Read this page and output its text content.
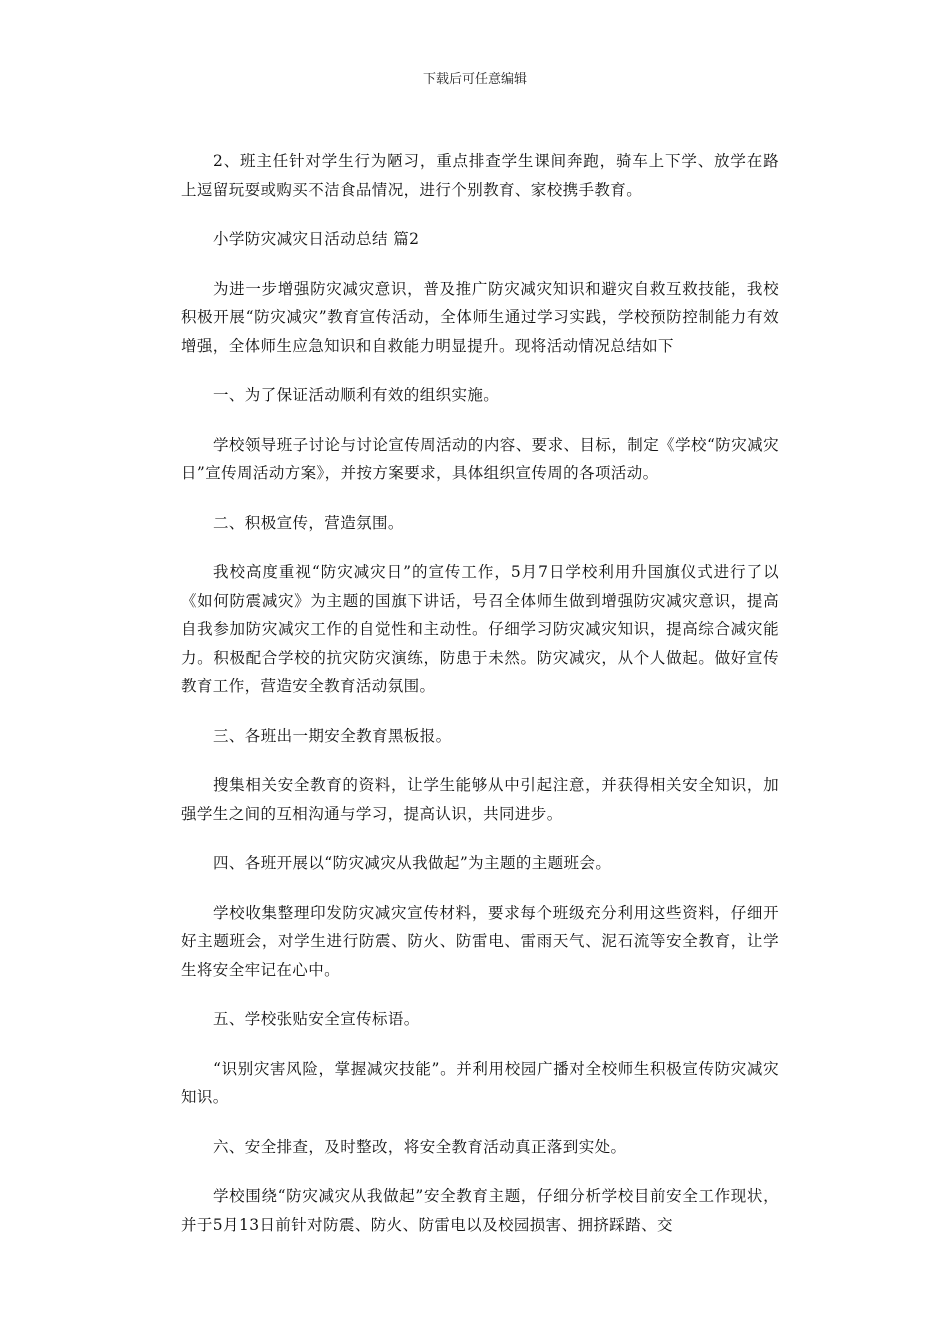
下载后可任意编辑

2、班主任针对学生行为陋习，重点排查学生课间奔跑，骑车上下学、放学在路上逗留玩耍或购买不洁食品情况，进行个别教育、家校携手教育。

小学防灾减灾日活动总结 篇2

为进一步增强防灾减灾意识，普及推广防灾减灾知识和避灾自救互救技能，我校积极开展“防灾减灾”教育宣传活动，全体师生通过学习实践，学校预防控制能力有效增强，全体师生应急知识和自救能力明显提升。现将活动情况总结如下

一、为了保证活动顺利有效的组织实施。

学校领导班子讨论与讨论宣传周活动的内容、要求、目标，制定《学校“防灾减灾日”宣传周活动方案》，并按方案要求，具体组织宣传周的各项活动。

二、积极宣传，营造氛围。

我校高度重视“防灾减灾日”的宣传工作，5月7日学校利用升国旗仪式进行了以《如何防震减灾》为主题的国旗下讲话，号召全体师生做到增强防灾减灾意识，提高自我参加防灾减灾工作的自觉性和主动性。仔细学习防灾减灾知识，提高综合减灾能力。积极配合学校的抗灾防灾演练，防患于未然。防灾减灾，从个人做起。做好宣传教育工作，营造安全教育活动氛围。

三、各班出一期安全教育黑板报。

搜集相关安全教育的资料，让学生能够从中引起注意，并获得相关安全知识，加强学生之间的互相沟通与学习，提高认识，共同进步。

四、各班开展以“防灾减灾从我做起”为主题的主题班会。

学校收集整理印发防灾减灾宣传材料，要求每个班级充分利用这些资料，仔细开好主题班会，对学生进行防震、防火、防雷电、雷雨天气、泥石流等安全教育，让学生将安全牢记在心中。

五、学校张贴安全宣传标语。

“识别灾害风险，掌握减灾技能”。并利用校园广播对全校师生积极宣传防灾减灾知识。

六、安全排查，及时整改，将安全教育活动真正落到实处。

学校围绕“防灾减灾从我做起”安全教育主题，仔细分析学校目前安全工作现状，并于5月13日前针对防震、防火、防雷电以及校园损害、拥挤踩踏、交
